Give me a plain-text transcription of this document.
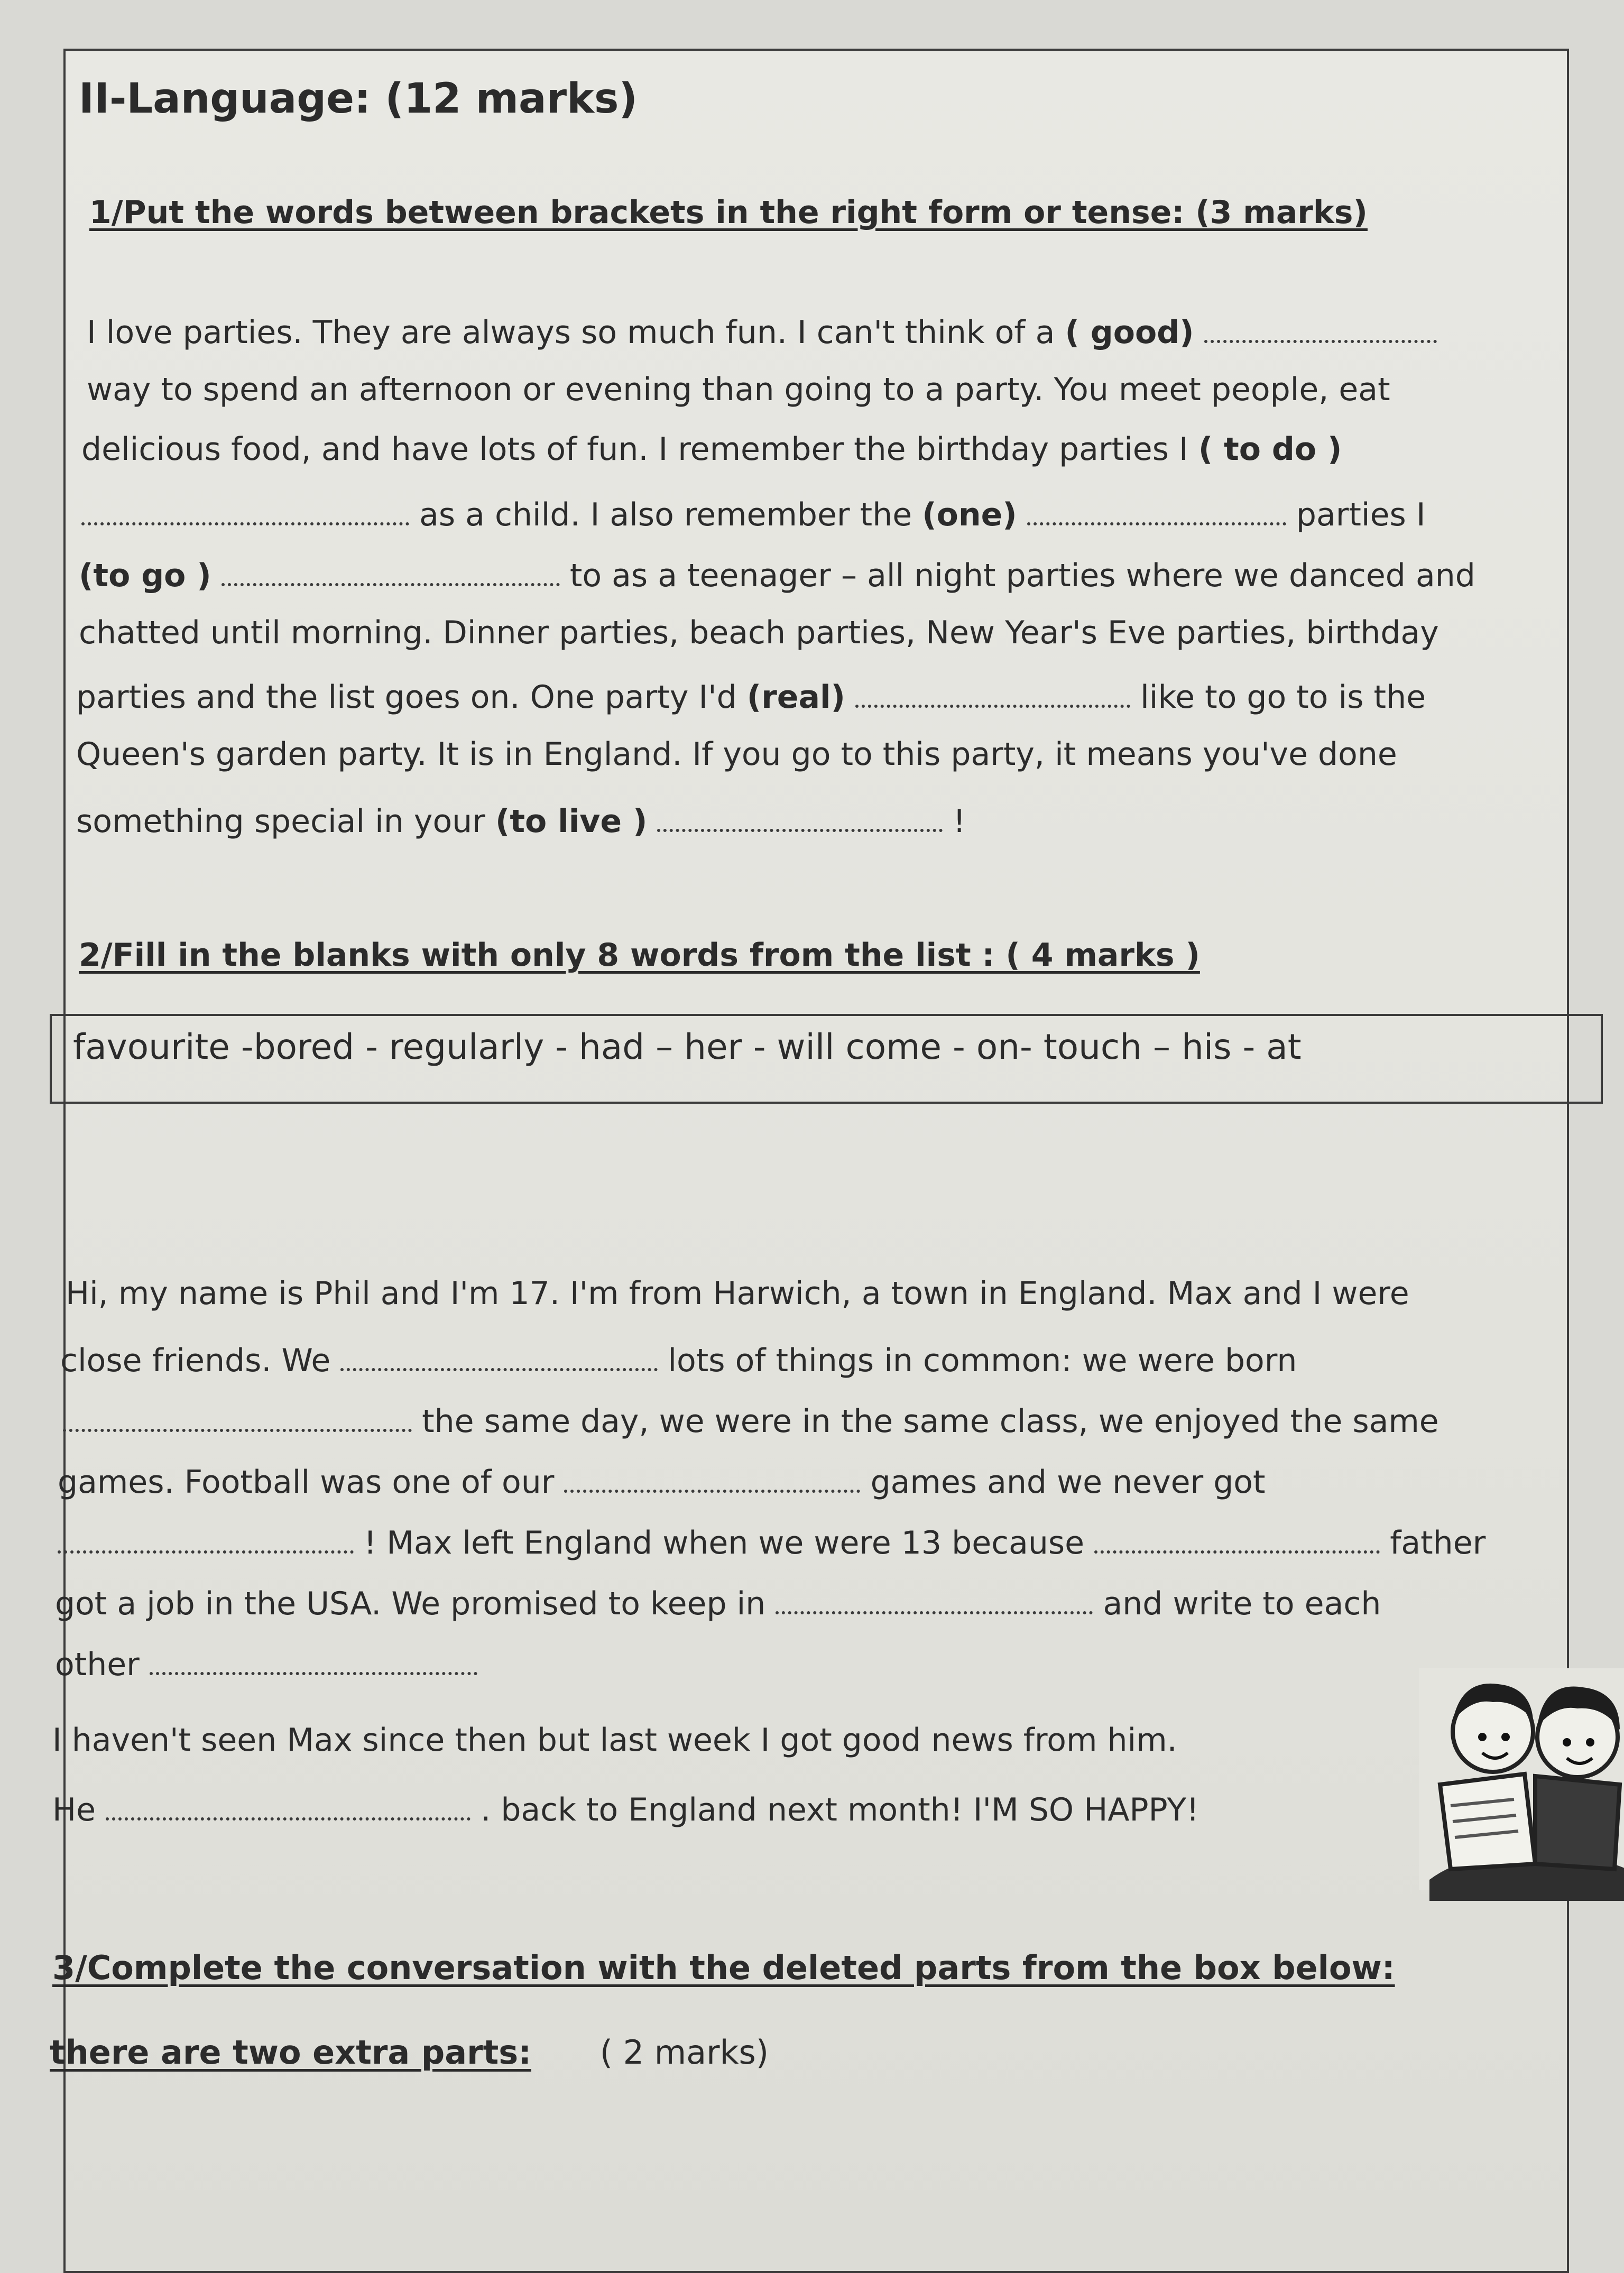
II-Language: (12 marks)
1/Put the words between brackets in the right form or tense: (3 marks)
I love parties. They are always so much fun. I can't think of a ( good)
way to spend an afternoon or evening than going to a party. You meet people, eat
delicious food, and have lots of fun. I remember the birthday parties I ( to do )
as a child. I also remember the (one)	parties I
(to go )	to as a teenager – all night parties where we danced and
chatted until morning. Dinner parties, beach parties, New Year's Eve parties, birthday
parties and the list goes on. One party I'd (real)	like to go to is the
Queen's garden party. It is in England. If you go to this party, it means you've done
something special in your (to live )	!
2/Fill in the blanks with only 8 words from the list : ( 4 marks )
favourite -bored - regularly - had – her - will come - on- touch – his - at
Hi, my name is Phil and I'm 17. I'm from Harwich, a town in England. Max and I were
close friends. We	lots of things in common: we were born
the same day, we were in the same class, we enjoyed the same
games. Football was one of our	games and we never got
! Max left England when we were 13 because	father
got a job in the USA. We promised to keep in	and write to each
other
I haven't seen Max since then but last week I got good news from him.
He	. back to England next month! I'M SO HAPPY!
3/Complete the conversation with the deleted parts from the box below:
there are two extra parts: ( 2 marks)
